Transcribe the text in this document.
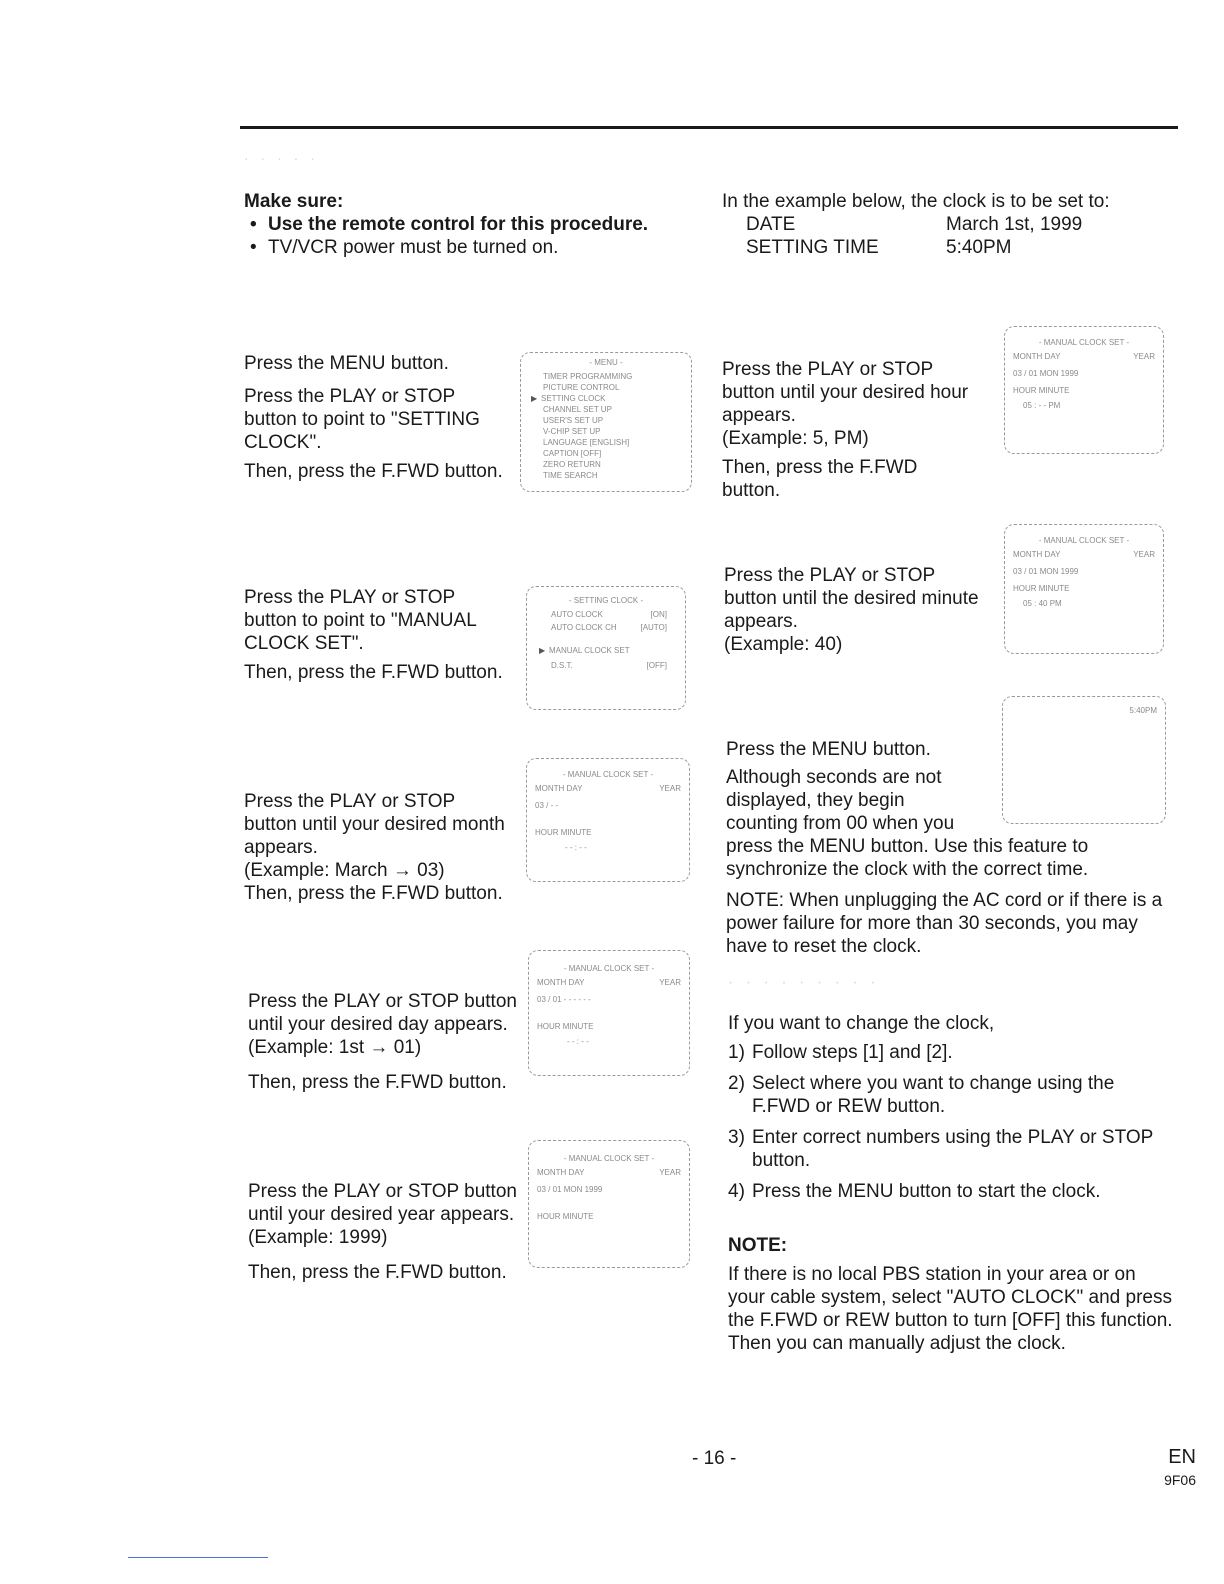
· · · · ·
Make sure:
• Use the remote control for this procedure.
• TV/VCR power must be turned on.
In the example below, the clock is to be set to:
DATE	March 1st, 1999
SETTING TIME	5:40PM
Press the MENU button.
Press the PLAY or STOP button to point to "SETTING CLOCK".
Then, press the F.FWD button.
- MENU -
TIMER PROGRAMMING
PICTURE CONTROL
▶ SETTING CLOCK
CHANNEL SET UP
USER'S SET UP
V-CHIP SET UP
LANGUAGE [ENGLISH]
CAPTION [OFF]
ZERO RETURN
TIME SEARCH
Press the PLAY or STOP button to point to "MANUAL CLOCK SET".
Then, press the F.FWD button.
- SETTING CLOCK -
AUTO CLOCK	[ON]
AUTO CLOCK CH	[AUTO]
▶ MANUAL CLOCK SET
D.S.T.	[OFF]
Press the PLAY or STOP button until your desired month appears.
(Example: March → 03)
Then, press the F.FWD button.
- MANUAL CLOCK SET -
MONTH DAY	YEAR
03 / - -
HOUR MINUTE
- - : - -
Press the PLAY or STOP button until your desired day appears.
(Example: 1st → 01)
Then, press the F.FWD button.
- MANUAL CLOCK SET -
MONTH DAY	YEAR
03 / 01 - - - - - -
HOUR MINUTE
- - : - -
Press the PLAY or STOP button until your desired year appears.
(Example: 1999)
Then, press the F.FWD button.
- MANUAL CLOCK SET -
MONTH DAY	YEAR
03 / 01 MON 1999
HOUR MINUTE
Press the PLAY or STOP button until your desired hour appears.
(Example: 5, PM)
Then, press the F.FWD button.
- MANUAL CLOCK SET -
MONTH DAY	YEAR
03 / 01 MON 1999
HOUR MINUTE
05 : - - PM
Press the PLAY or STOP button until the desired minute appears.
(Example: 40)
- MANUAL CLOCK SET -
MONTH DAY	YEAR
03 / 01 MON 1999
HOUR MINUTE
05 : 40 PM
5:40PM
Press the MENU button.
Although seconds are not displayed, they begin counting from 00 when you press the MENU button. Use this feature to synchronize the clock with the correct time.
NOTE: When unplugging the AC cord or if there is a power failure for more than 30 seconds, you may have to reset the clock.
· · · · · · · · ·
If you want to change the clock,
1) Follow steps [1] and [2].
2) Select where you want to change using the F.FWD or REW button.
3) Enter correct numbers using the PLAY or STOP button.
4) Press the MENU button to start the clock.
NOTE:
If there is no local PBS station in your area or on your cable system, select "AUTO CLOCK" and press the F.FWD or REW button to turn [OFF] this function. Then you can manually adjust the clock.
- 16 -	EN
9F06
